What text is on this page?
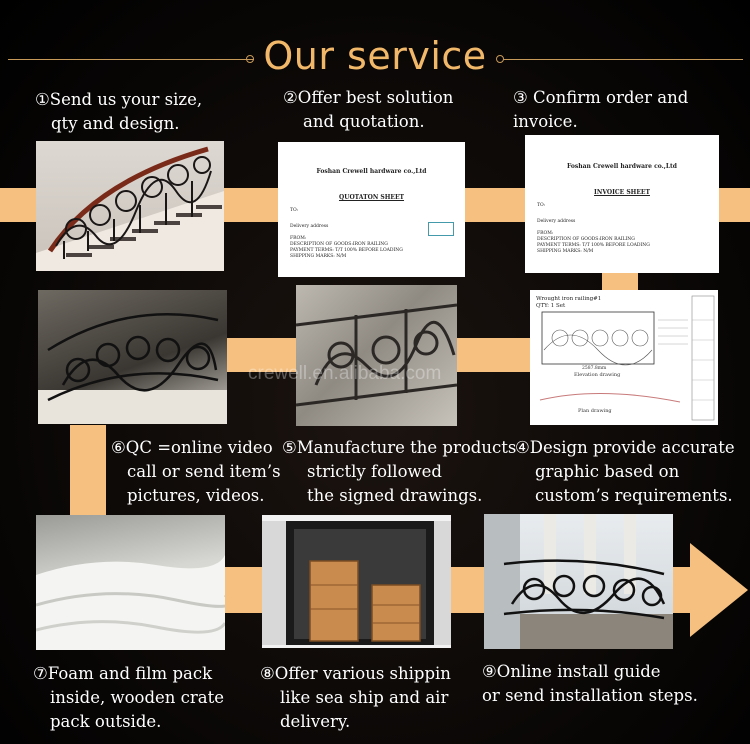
Our service
Foshan Crewell hardware co.,Ltd
QUOTATON SHEET
TO:
Delivery address
FROM:
DESCRIPTION OF GOODS:IRON RAILING
PAYMENT TERMS: T/T 100% BEFORE LOADING
SHIPPING MARKS: N/M
Foshan Crewell hardware co.,Ltd
INVOICE SHEET
TO:
Delivery address
FROM:
DESCRIPTION OF GOODS:IRON RAILING
PAYMENT TERMS: T/T 100% BEFORE LOADING
SHIPPING MARKS: N/M
①Send us your size,
qty and design.
②Offer best solution
and quotation.
③ Confirm order and
invoice.
Wrought iron railing#1
QTY: 1 Set
2587.8mm
Elevation drawing
Plan drawing
⑥QC =online video
call or send item’s
pictures, videos.
⑤Manufacture the products
strictly followed
the signed drawings.
④Design provide accurate
graphic based on
custom’s requirements.
⑦Foam and film pack
inside, wooden crate
pack outside.
⑧Offer various shippin
like sea ship and air
delivery.
⑨Online install guide
or send installation steps.
crewell.en.alibaba.com
